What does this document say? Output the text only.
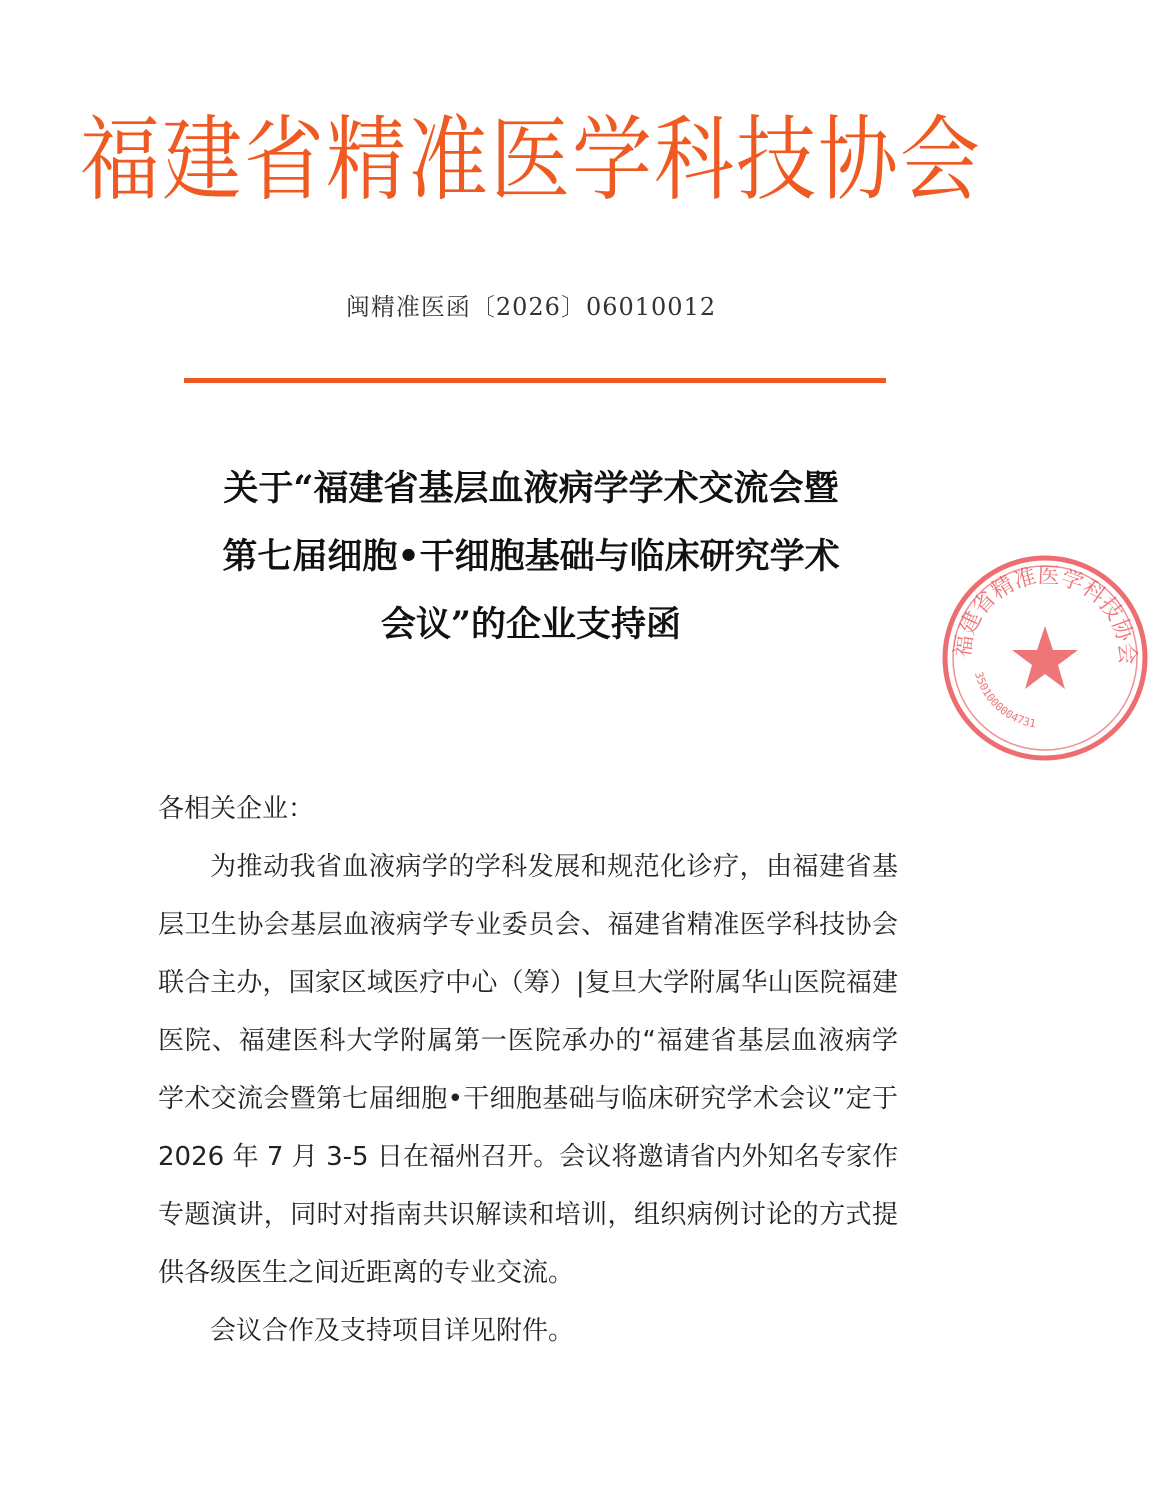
福建省精准医学科技协会
闽精准医函〔2026〕06010012
关于“福建省基层血液病学学术交流会暨
第七届细胞•干细胞基础与临床研究学术
会议”的企业支持函

各相关企业：

为推动我省血液病学的学科发展和规范化诊疗，由福建省基层卫生协会基层血液病学专业委员会、福建省精准医学科技协会联合主办，国家区域医疗中心（筹）|复旦大学附属华山医院福建医院、福建医科大学附属第一医院承办的“福建省基层血液病学学术交流会暨第七届细胞•干细胞基础与临床研究学术会议”定于 2026 年 7 月 3-5 日在福州召开。会议将邀请省内外知名专家作专题演讲，同时对指南共识解读和培训，组织病例讨论的方式提供各级医生之间近距离的专业交流。

会议合作及支持项目详见附件。

福建省精准医学科技协会
3501000004731
